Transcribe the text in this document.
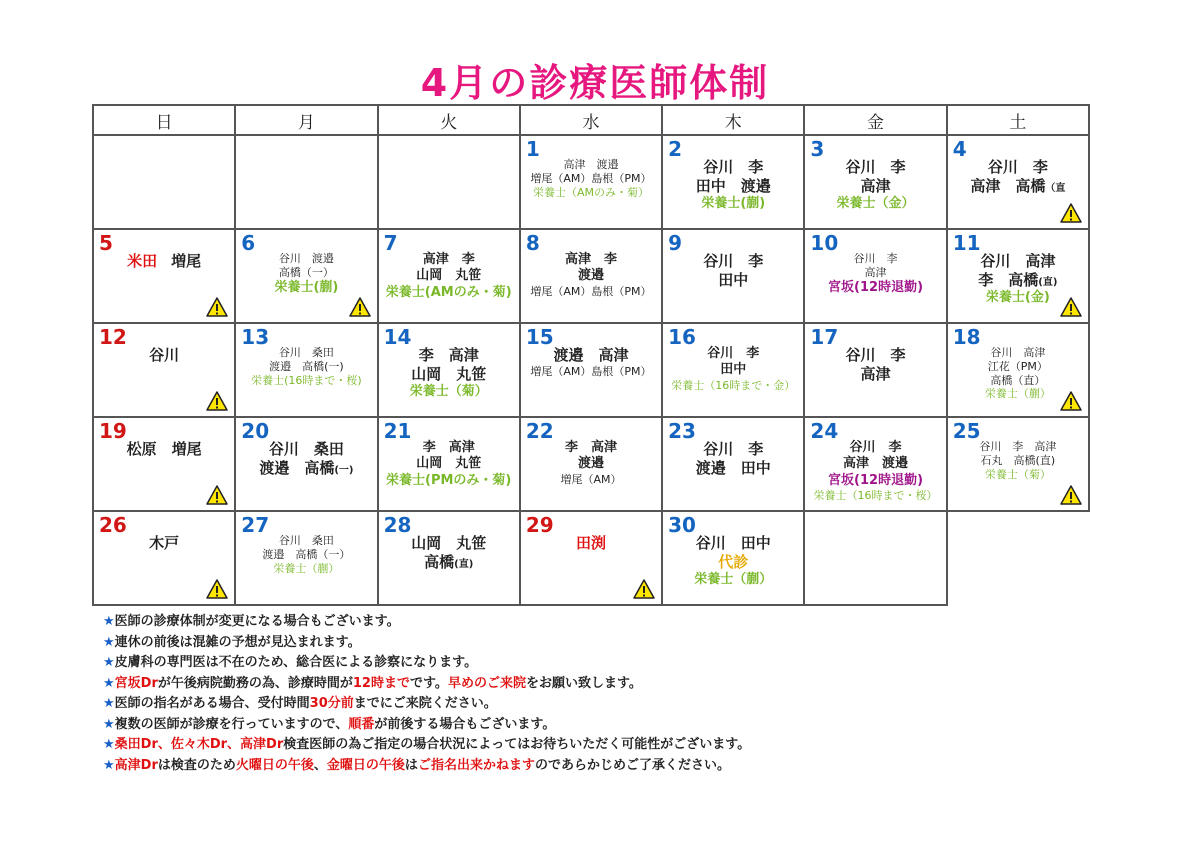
4月の診療医師体制
日	月	火	水	木	金	土

			1
高津　渡邉
増尾（AM）島根（PM）
栄養士（AMのみ・菊）	2
谷川　李
田中　渡邉
栄養士(蒯)	3
谷川　李
高津
栄養士（金）	4
谷川　李
高津　高橋（直

5
米田 増尾	6
谷川　渡邉
高橋（一）
栄養士(蒯)	7
高津　李
山岡　丸笹
栄養士(AMのみ・菊)	8
高津　李
渡邉
増尾（AM）島根（PM）	9
谷川　李
田中	10
谷川　李
高津
宮坂(12時退勤)	11
谷川　高津
李　高橋(直)
栄養士(金)

12
谷川	13
谷川　桑田
渡邉　高橋(一)
栄養士(16時まで・桜)	14
李　高津
山岡　丸笹
栄養士（菊）	15
渡邉　高津
増尾（AM）島根（PM）	16
谷川　李
田中
栄養士（16時まで・金）	17
谷川　李
高津	18
谷川　高津
江花（PM）
高橋（直）
栄養士（蒯）

19
松原　増尾	20
谷川　桑田
渡邉　高橋(一)	21
李　高津
山岡　丸笹
栄養士(PMのみ・菊)	22
李　高津
渡邉
増尾（AM）	23
谷川　李
渡邉　田中	24
谷川　李
高津　渡邉
宮坂(12時退勤)
栄養士（16時まで・桜）	25
谷川　李　高津
石丸　高橋(直)
栄養士（菊）

26
木戸	27
谷川　桑田
渡邉　高橋（一）
栄養士（蒯）	28
山岡　丸笹
高橋(直)	29
田渕	30
谷川　田中
代診
栄養士（蒯）		

★医師の診療体制が変更になる場合もございます。
★連休の前後は混雑の予想が見込まれます。
★皮膚科の専門医は不在のため、総合医による診察になります。
★宮坂Drが午後病院勤務の為、診療時間が12時までです。早めのご来院をお願い致します。
★医師の指名がある場合、受付時間30分前までにご来院ください。
★複数の医師が診療を行っていますので、順番が前後する場合もございます。
★桑田Dr、佐々木Dr、高津Dr検査医師の為ご指定の場合状況によってはお待ちいただく可能性がございます。
★高津Drは検査のため火曜日の午後、金曜日の午後はご指名出来かねますのであらかじめご了承ください。
